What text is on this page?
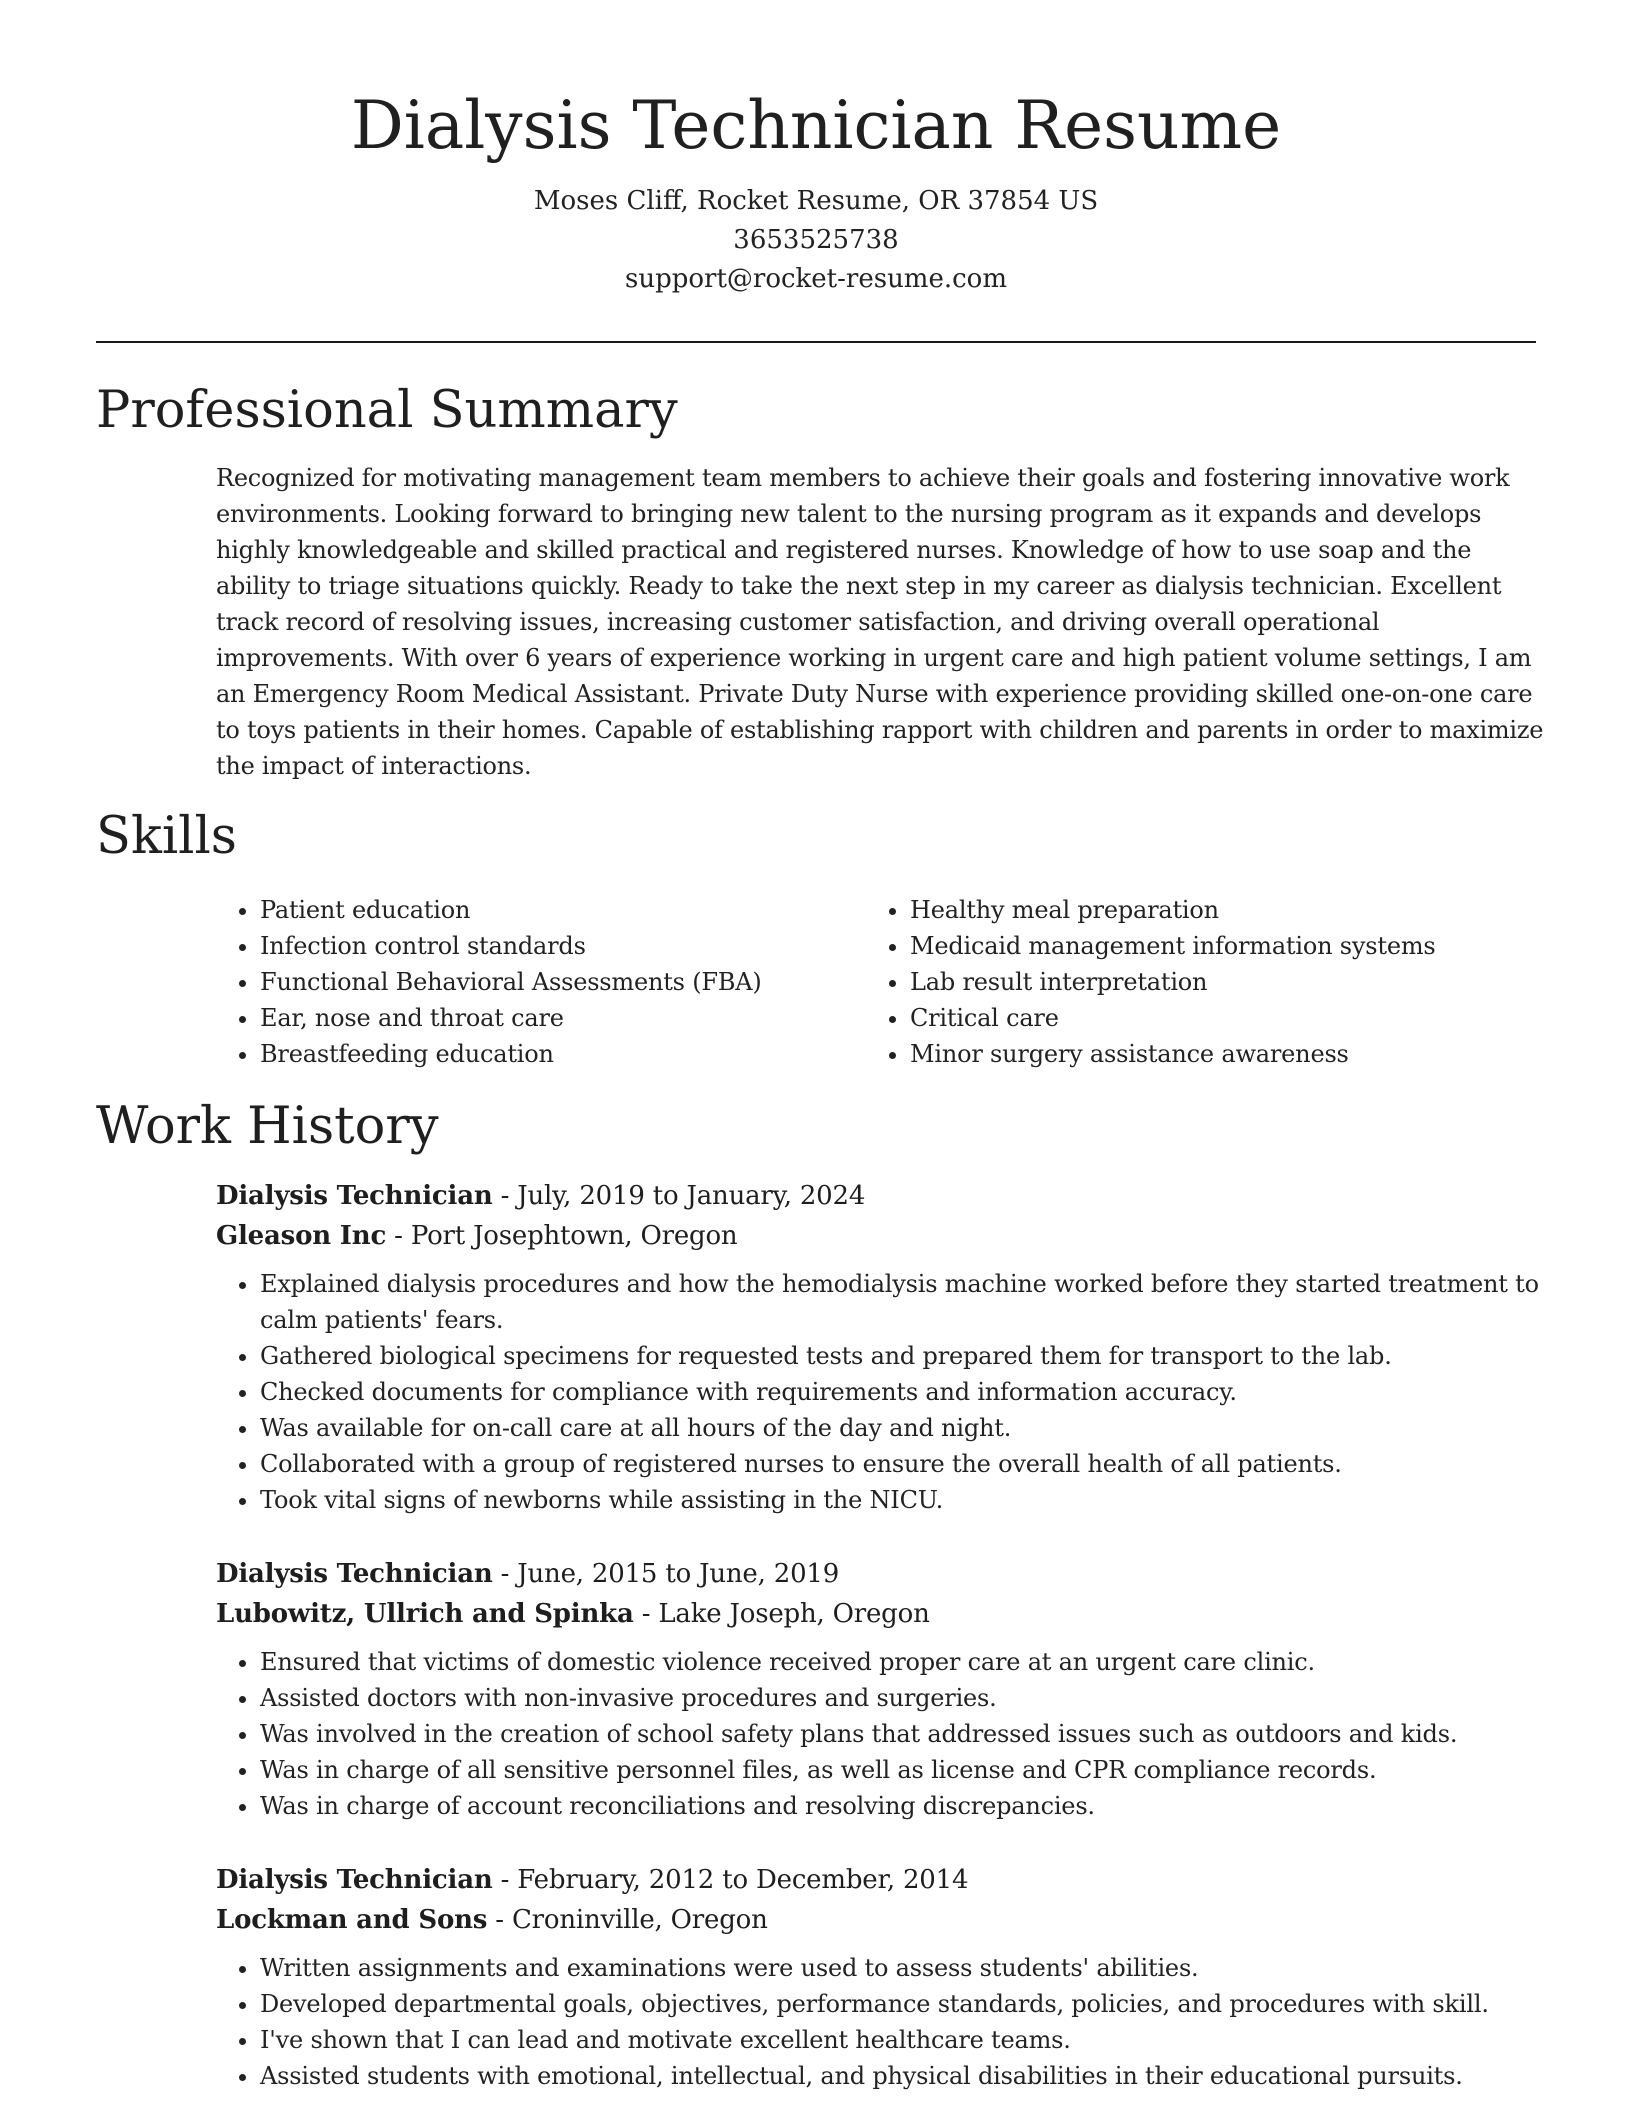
Dialysis Technician Resume
Moses Cliff, Rocket Resume, OR 37854 US
3653525738
support@rocket-resume.com
Professional Summary

Recognized for motivating management team members to achieve their goals and fostering innovative work environments. Looking forward to bringing new talent to the nursing program as it expands and develops highly knowledgeable and skilled practical and registered nurses. Knowledge of how to use soap and the ability to triage situations quickly. Ready to take the next step in my career as dialysis technician. Excellent track record of resolving issues, increasing customer satisfaction, and driving overall operational improvements. With over 6 years of experience working in urgent care and high patient volume settings, I am an Emergency Room Medical Assistant. Private Duty Nurse with experience providing skilled one-on-one care to toys patients in their homes. Capable of establishing rapport with children and parents in order to maximize the impact of interactions.

Skills
• Patient education
• Infection control standards
• Functional Behavioral Assessments (FBA)
• Ear, nose and throat care
• Breastfeeding education
• Healthy meal preparation
• Medicaid management information systems
• Lab result interpretation
• Critical care
• Minor surgery assistance awareness
Work History
Dialysis Technician - July, 2019 to January, 2024
Gleason Inc - Port Josephtown, Oregon
• Explained dialysis procedures and how the hemodialysis machine worked before they started treatment to calm patients' fears.
• Gathered biological specimens for requested tests and prepared them for transport to the lab.
• Checked documents for compliance with requirements and information accuracy.
• Was available for on-call care at all hours of the day and night.
• Collaborated with a group of registered nurses to ensure the overall health of all patients.
• Took vital signs of newborns while assisting in the NICU.
Dialysis Technician - June, 2015 to June, 2019
Lubowitz, Ullrich and Spinka - Lake Joseph, Oregon
• Ensured that victims of domestic violence received proper care at an urgent care clinic.
• Assisted doctors with non-invasive procedures and surgeries.
• Was involved in the creation of school safety plans that addressed issues such as outdoors and kids.
• Was in charge of all sensitive personnel files, as well as license and CPR compliance records.
• Was in charge of account reconciliations and resolving discrepancies.
Dialysis Technician - February, 2012 to December, 2014
Lockman and Sons - Croninville, Oregon
• Written assignments and examinations were used to assess students' abilities.
• Developed departmental goals, objectives, performance standards, policies, and procedures with skill.
• I've shown that I can lead and motivate excellent healthcare teams.
• Assisted students with emotional, intellectual, and physical disabilities in their educational pursuits.
